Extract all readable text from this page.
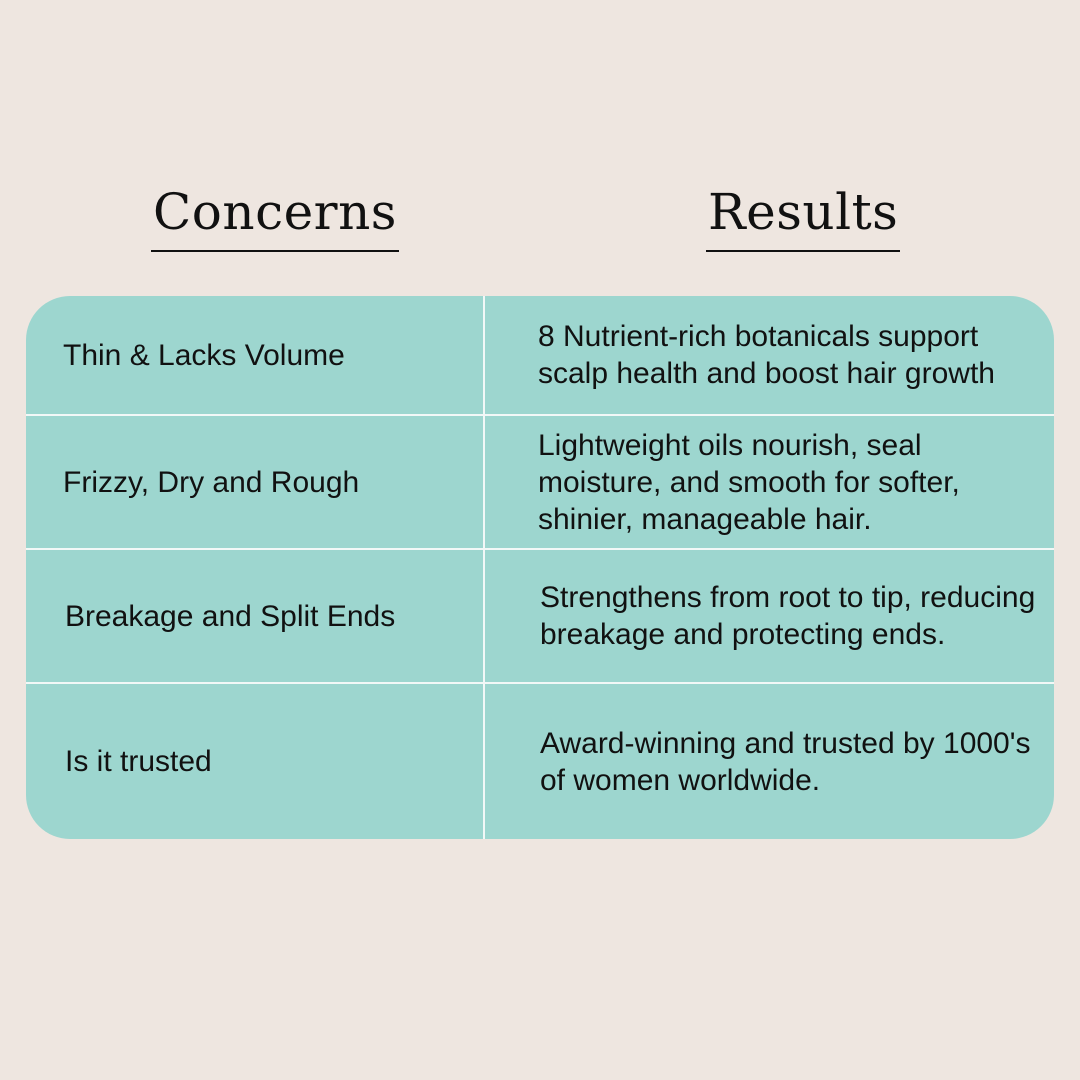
Concerns	Results
Thin & Lacks Volume
8 Nutrient-rich botanicals support scalp health and boost hair growth
Frizzy, Dry and Rough
Lightweight oils nourish, seal moisture, and smooth for softer, shinier, manageable hair.
Breakage and Split Ends
Strengthens from root to tip, reducing breakage and protecting ends.
Is it trusted
Award-winning and trusted by 1000's of women worldwide.
